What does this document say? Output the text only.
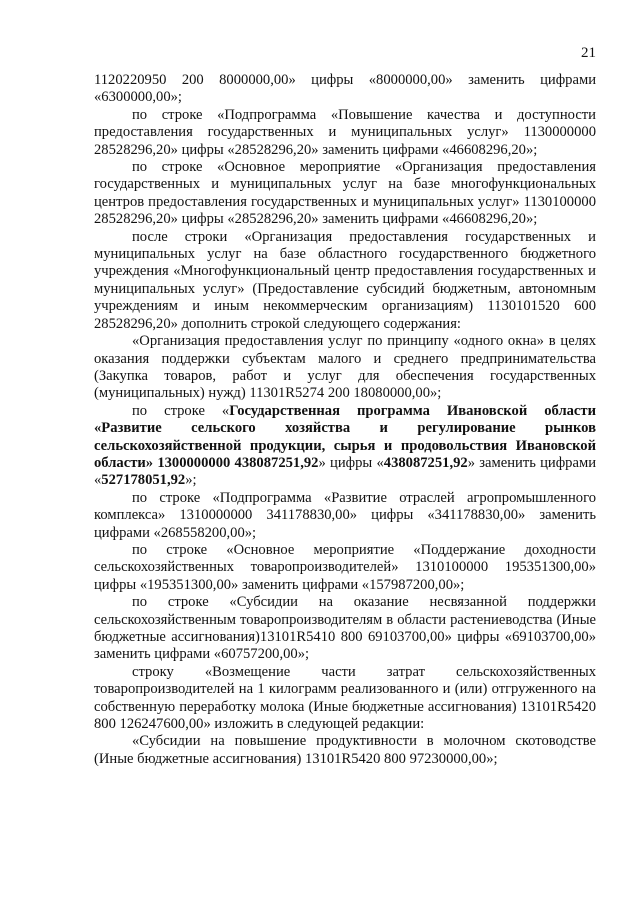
21

1120220950 200 8000000,00» цифры «8000000,00» заменить цифрами «6300000,00»;

по строке «Подпрограмма «Повышение качества и доступности предоставления государственных и муниципальных услуг» 1130000000 28528296,20» цифры «28528296,20» заменить цифрами «46608296,20»;

по строке «Основное мероприятие «Организация предоставления государственных и муниципальных услуг на базе многофункциональных центров предоставления государственных и муниципальных услуг» 1130100000 28528296,20» цифры «28528296,20» заменить цифрами «46608296,20»;

после строки «Организация предоставления государственных и муниципальных услуг на базе областного государственного бюджетного учреждения «Многофункциональный центр предоставления государственных и муниципальных услуг» (Предоставление субсидий бюджетным, автономным учреждениям и иным некоммерческим организациям) 1130101520 600 28528296,20» дополнить строкой следующего содержания:

«Организация предоставления услуг по принципу «одного окна» в целях оказания поддержки субъектам малого и среднего предпринимательства (Закупка товаров, работ и услуг для обеспечения государственных (муниципальных) нужд) 11301R5274 200 18080000,00»;

по строке «Государственная программа Ивановской области «Развитие сельского хозяйства и регулирование рынков сельскохозяйственной продукции, сырья и продовольствия Ивановской области» 1300000000 438087251,92» цифры «438087251,92» заменить цифрами «527178051,92»;

по строке «Подпрограмма «Развитие отраслей агропромышленного комплекса» 1310000000 341178830,00» цифры «341178830,00» заменить цифрами «268558200,00»;

по строке «Основное мероприятие «Поддержание доходности сельскохозяйственных товаропроизводителей» 1310100000 195351300,00» цифры «195351300,00» заменить цифрами «157987200,00»;

по строке «Субсидии на оказание несвязанной поддержки сельскохозяйственным товаропроизводителям в области растениеводства (Иные бюджетные ассигнования)13101R5410 800 69103700,00» цифры «69103700,00» заменить цифрами «60757200,00»;

строку «Возмещение части затрат сельскохозяйственных товаропроизводителей на 1 килограмм реализованного и (или) отгруженного на собственную переработку молока (Иные бюджетные ассигнования) 13101R5420 800 126247600,00» изложить в следующей редакции:

«Субсидии на повышение продуктивности в молочном скотоводстве (Иные бюджетные ассигнования) 13101R5420 800 97230000,00»;
